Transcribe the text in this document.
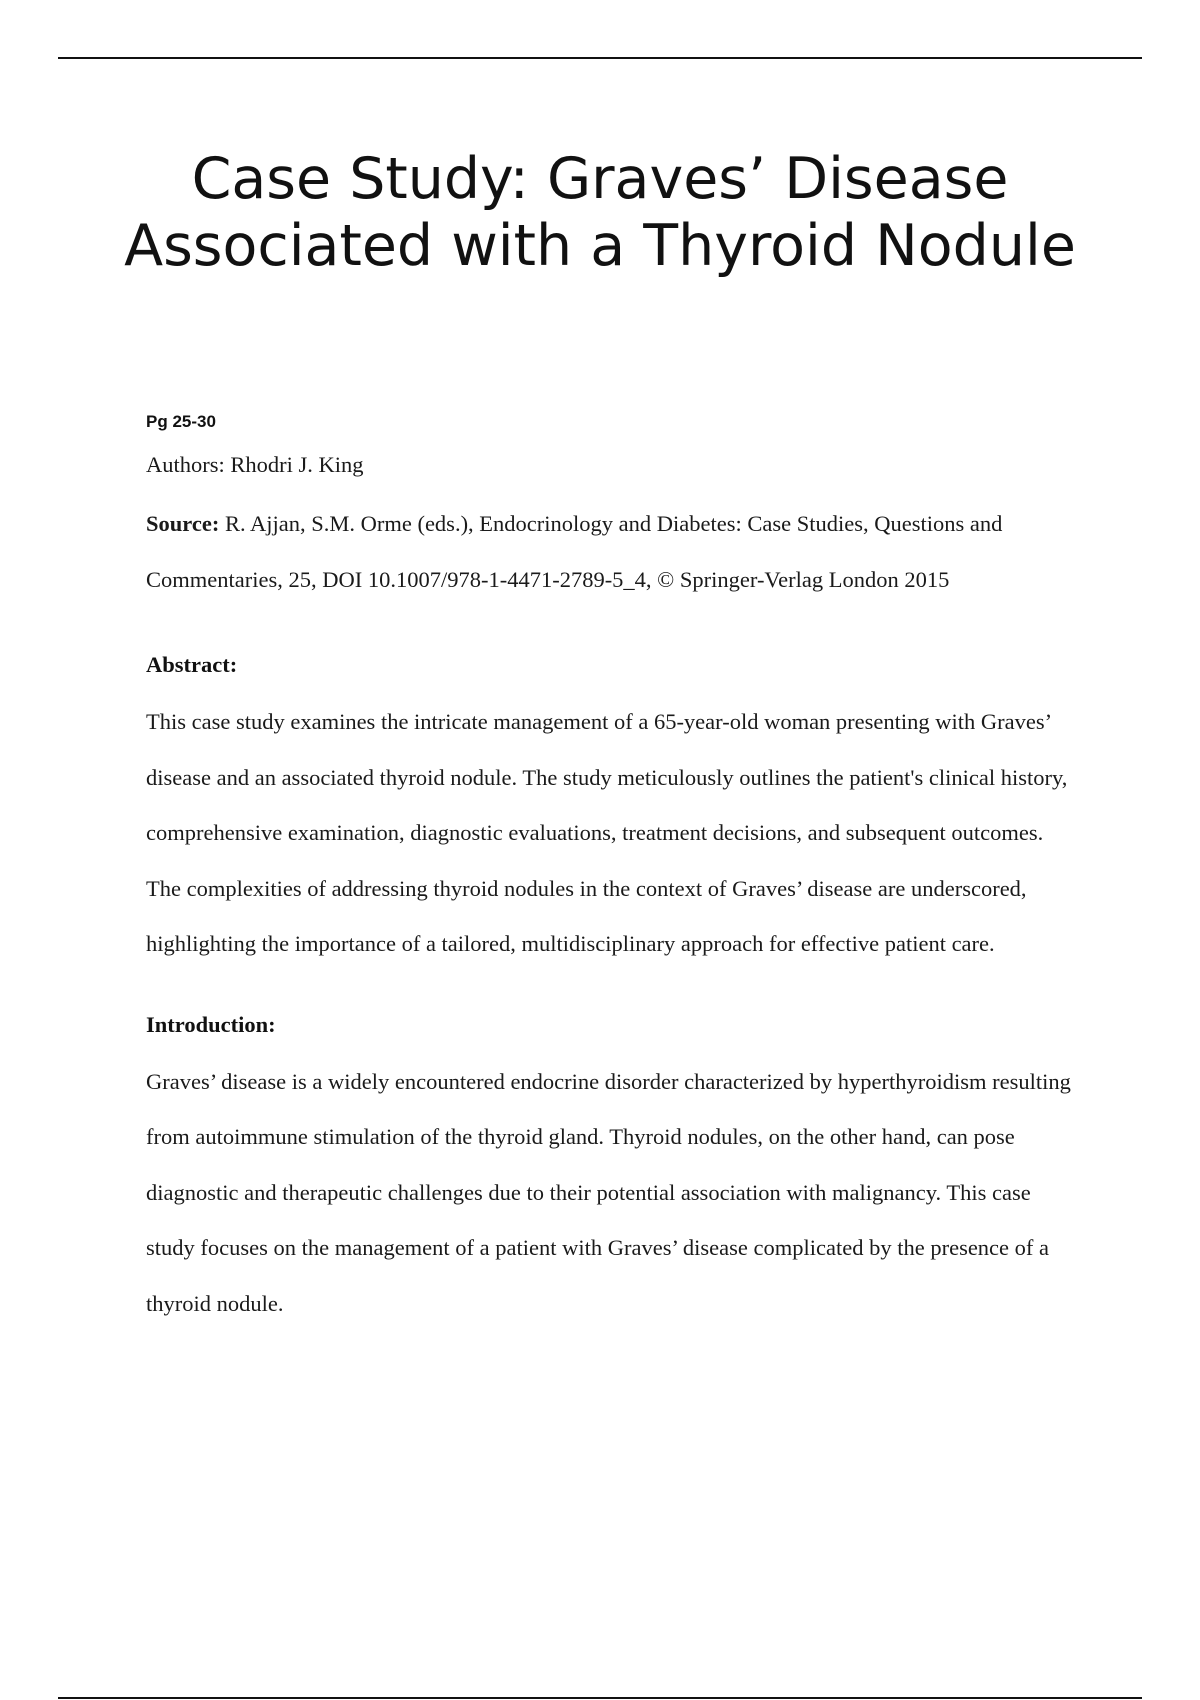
Case Study: Graves’ Disease Associated with a Thyroid Nodule

Pg 25-30

Authors: Rhodri J. King

Source: R. Ajjan, S.M. Orme (eds.), Endocrinology and Diabetes: Case Studies, Questions and Commentaries, 25, DOI 10.1007/978-1-4471-2789-5_4, © Springer-Verlag London 2015

Abstract:

This case study examines the intricate management of a 65-year-old woman presenting with Graves’ disease and an associated thyroid nodule. The study meticulously outlines the patient's clinical history, comprehensive examination, diagnostic evaluations, treatment decisions, and subsequent outcomes. The complexities of addressing thyroid nodules in the context of Graves’ disease are underscored, highlighting the importance of a tailored, multidisciplinary approach for effective patient care.

Introduction:

Graves’ disease is a widely encountered endocrine disorder characterized by hyperthyroidism resulting from autoimmune stimulation of the thyroid gland. Thyroid nodules, on the other hand, can pose diagnostic and therapeutic challenges due to their potential association with malignancy. This case study focuses on the management of a patient with Graves’ disease complicated by the presence of a thyroid nodule.
